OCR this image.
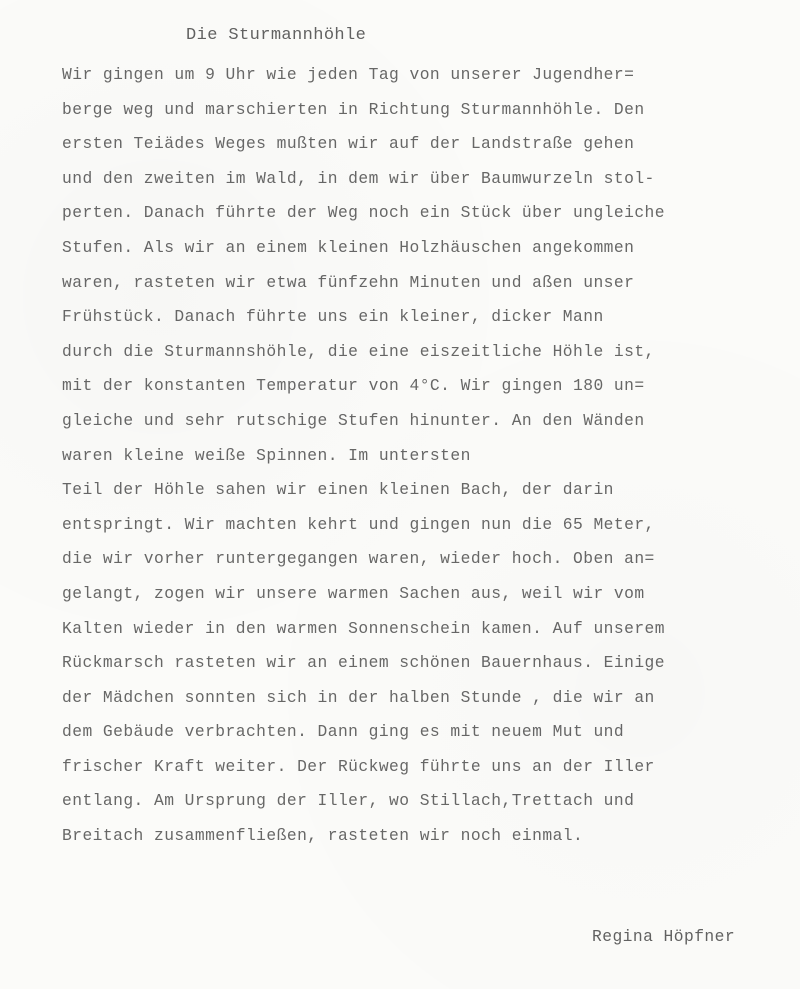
Die Sturmannhöhle
Wir gingen um 9 Uhr wie jeden Tag von unserer Jugendher=
berge weg und marschierten in Richtung Sturmannhöhle. Den
ersten Teiädes Weges mußten wir auf der Landstraße gehen
und den zweiten im Wald, in dem wir über Baumwurzeln stol-
perten. Danach führte der Weg noch ein Stück über ungleiche
Stufen. Als wir an einem kleinen Holzhäuschen angekommen
waren, rasteten wir etwa fünfzehn Minuten und aßen unser
Frühstück. Danach führte uns ein kleiner, dicker Mann
durch die Sturmannshöhle, die eine eiszeitliche Höhle ist,
mit der konstanten Temperatur von 4°C. Wir gingen 180 un=
gleiche und sehr rutschige Stufen hinunter. An den Wänden
waren kleine weiße Spinnen. Im untersten
Teil der Höhle sahen wir einen kleinen Bach, der darin
entspringt. Wir machten kehrt und gingen nun die 65 Meter,
die wir vorher runtergegangen waren, wieder hoch. Oben an=
gelangt, zogen wir unsere warmen Sachen aus, weil wir vom
Kalten wieder in den warmen Sonnenschein kamen. Auf unserem
Rückmarsch rasteten wir an einem schönen Bauernhaus. Einige
der Mädchen sonnten sich in der halben Stunde , die wir an
dem Gebäude verbrachten. Dann ging es mit neuem Mut und
frischer Kraft weiter. Der Rückweg führte uns an der Iller
entlang. Am Ursprung der Iller, wo Stillach,Trettach und
Breitach zusammenfließen, rasteten wir noch einmal.
Regina Höpfner
